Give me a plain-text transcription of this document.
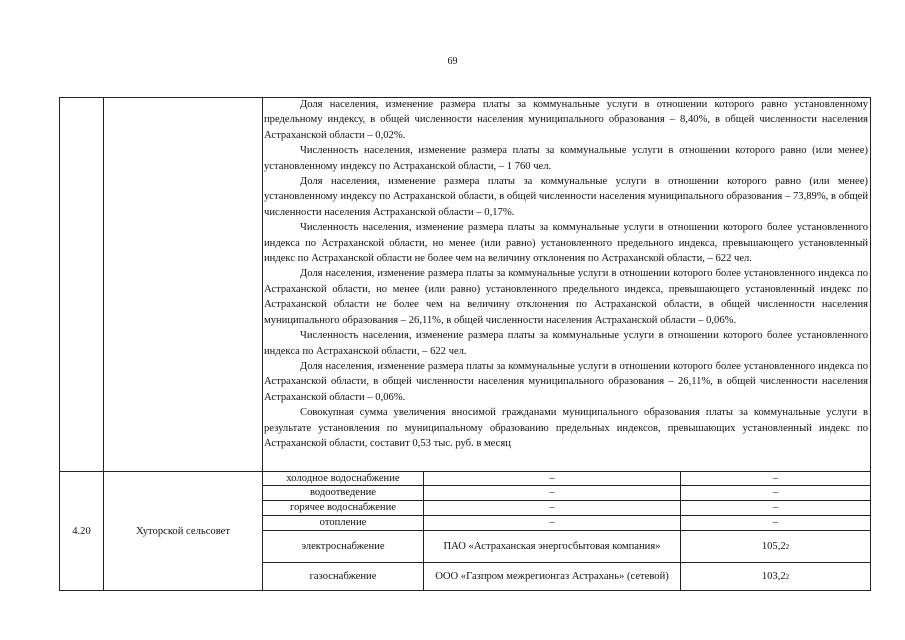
69

Доля населения, изменение размера платы за коммунальные услуги в отношении которого равно установленному предельному индексу, в общей численности населения муниципального образования – 8,40%, в общей численности населения Астраханской области – 0,02%.

Численность населения, изменение размера платы за коммунальные услуги в отношении которого равно (или менее) установленному индексу по Астраханской области, – 1 760 чел.

Доля населения, изменение размера платы за коммунальные услуги в отношении которого равно (или менее) установленному индексу по Астраханской области, в общей численности населения муниципального образования – 73,89%, в общей численности населения Астраханской области – 0,17%.

Численность населения, изменение размера платы за коммунальные услуги в отношении которого более установленного индекса по Астраханской области, но менее (или равно) установленного предельного индекса, превышающего установленный индекс по Астраханской области не более чем на величину отклонения по Астраханской области, – 622 чел.

Доля населения, изменение размера платы за коммунальные услуги в отношении которого более установленного индекса по Астраханской области, но менее (или равно) установленного предельного индекса, превышающего установленный индекс по Астраханской области не более чем на величину отклонения по Астраханской области, в общей численности населения муниципального образования – 26,11%, в общей численности населения Астраханской области – 0,06%.

Численность населения, изменение размера платы за коммунальные услуги в отношении которого более установленного индекса по Астраханской области, – 622 чел.

Доля населения, изменение размера платы за коммунальные услуги в отношении которого более установленного индекса по Астраханской области, в общей численности населения муниципального образования – 26,11%, в общей численности населения Астраханской области – 0,06%.

Совокупная сумма увеличения вносимой гражданами муниципального образования платы за коммунальные услуги в результате установления по муниципальному образованию предельных индексов, превышающих установленный индекс по Астраханской области, составит 0,53 тыс. руб. в месяц

4.20	Хуторской сельсовет
холодное водоснабжение	–	–
водоотведение	–	–
горячее водоснабжение	–	–
отопление	–	–
электроснабжение	ПАО «Астраханская энергосбытовая компания»	105,2 2
газоснабжение	ООО «Газпром межрегионгаз Астрахань» (сетевой)	103,2 2
